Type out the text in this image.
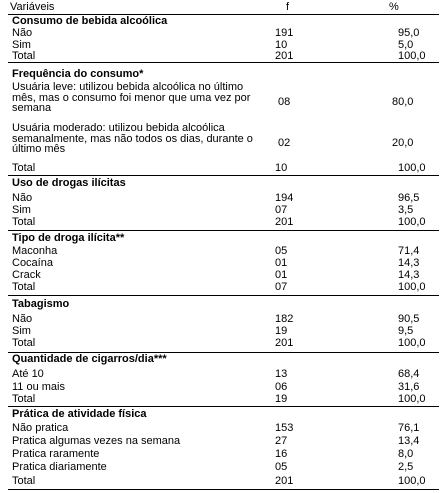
Variáveis	f	%
Consumo de bebida alcoólica
Não	191	95,0
Sim	10	5,0
Total	201	100,0
Frequência do consumo*
Usuária leve: utilizou bebida alcoólica no último mês, mas o consumo foi menor que uma vez por semana	08	80,0
Usuária moderado: utilizou bebida alcoólica semanalmente, mas não todos os dias, durante o último mês	02	20,0
Total	10	100,0
Uso de drogas ilícitas
Não	194	96,5
Sim	07	3,5
Total	201	100,0
Tipo de droga ilícita**
Maconha	05	71,4
Cocaína	01	14,3
Crack	01	14,3
Total	07	100,0
Tabagismo
Não	182	90,5
Sim	19	9,5
Total	201	100,0
Quantidade de cigarros/dia***
Até 10	13	68,4
11 ou mais	06	31,6
Total	19	100,0
Prática de atividade física
Não pratica	153	76,1
Pratica algumas vezes na semana	27	13,4
Pratica raramente	16	8,0
Pratica diariamente	05	2,5
Total	201	100,0
